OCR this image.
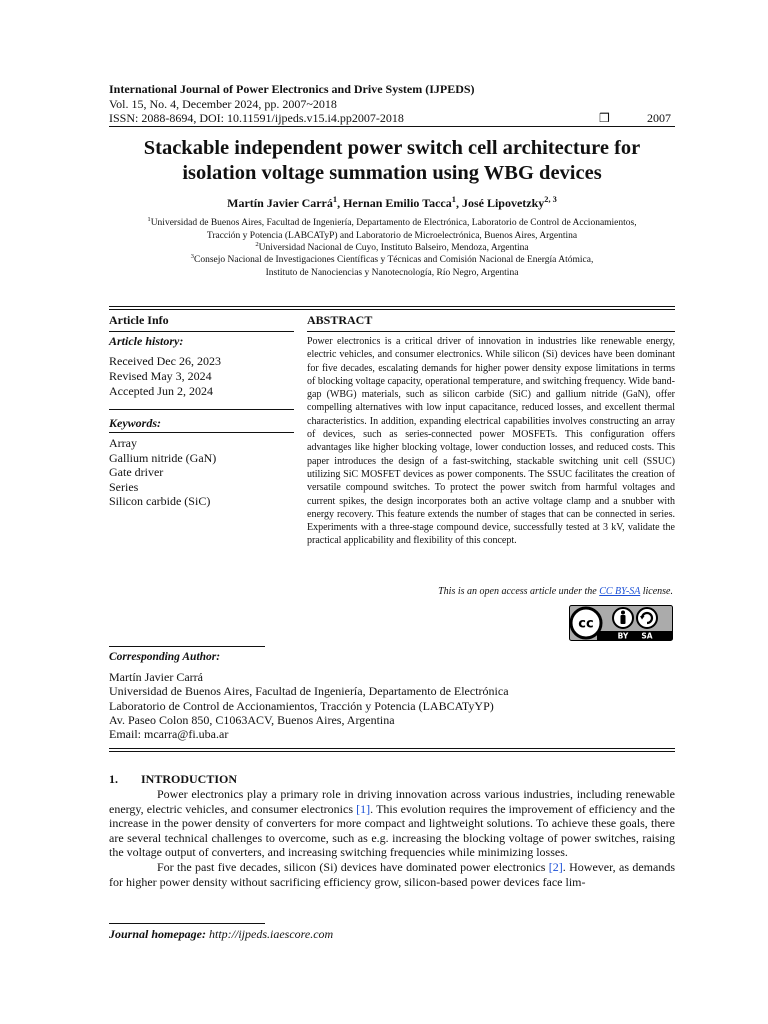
International Journal of Power Electronics and Drive System (IJPEDS)
Vol. 15, No. 4, December 2024, pp. 2007~2018
ISSN: 2088-8694, DOI: 10.11591/ijpeds.v15.i4.pp2007-2018	❒	2007
Stackable independent power switch cell architecture for
isolation voltage summation using WBG devices
Martín Javier Carrá$^1$, Hernan Emilio Tacca$^1$, José Lipovetzky$^{2, 3}$
$^1$Universidad de Buenos Aires, Facultad de Ingeniería, Departamento de Electrónica, Laboratorio de Control de Accionamientos,
Tracción y Potencia (LABCATyP) and Laboratorio de Microelectrónica, Buenos Aires, Argentina
$^2$Universidad Nacional de Cuyo, Instituto Balseiro, Mendoza, Argentina
$^3$Consejo Nacional de Investigaciones Científicas y Técnicas and Comisión Nacional de Energía Atómica,
Instituto de Nanociencias y Nanotecnología, Río Negro, Argentina
Article Info	ABSTRACT
Article history:
Received Dec 26, 2023
Revised May 3, 2024
Accepted Jun 2, 2024
Keywords:
Array
Gallium nitride (GaN)
Gate driver
Series
Silicon carbide (SiC)
Power electronics is a critical driver of innovation in industries like renewable energy, electric vehicles, and consumer electronics. While silicon (Si) devices have been dominant for five decades, escalating demands for higher power density expose limitations in terms of blocking voltage capacity, operational temperature, and switching frequency. Wide band-gap (WBG) materials, such as silicon carbide (SiC) and gallium nitride (GaN), offer compelling alternatives with low input capacitance, reduced losses, and excellent thermal characteristics. In addition, expanding electrical capabilities involves constructing an array of devices, such as series-connected power MOSFETs. This configuration offers advantages like higher blocking voltage, lower conduction losses, and reduced costs. This paper introduces the design of a fast-switching, stackable switching unit cell (SSUC) utilizing SiC MOSFET devices as power components. The SSUC facilitates the creation of versatile compound switches. To protect the power switch from harmful voltages and current spikes, the design incorporates both an active voltage clamp and a snubber with energy recovery. This feature extends the number of stages that can be connected in series. Experiments with a three-stage compound device, successfully tested at 3 kV, validate the practical applicability and flexibility of this concept.
This is an open access article under the CC BY-SA license.
cc
BY SA
Corresponding Author:
Martín Javier Carrá
Universidad de Buenos Aires, Facultad de Ingeniería, Departamento de Electrónica
Laboratorio de Control de Accionamientos, Tracción y Potencia (LABCATyYP)
Av. Paseo Colon 850, C1063ACV, Buenos Aires, Argentina
Email: mcarra@fi.uba.ar
1. INTRODUCTION

Power electronics play a primary role in driving innovation across various industries, including renewable energy, electric vehicles, and consumer electronics [1]. This evolution requires the improvement of efficiency and the increase in the power density of converters for more compact and lightweight solutions. To achieve these goals, there are several technical challenges to overcome, such as e.g. increasing the blocking voltage of power switches, raising the voltage output of converters, and increasing switching frequencies while minimizing losses.

For the past five decades, silicon (Si) devices have dominated power electronics [2]. However, as demands for higher power density without sacrificing efficiency grow, silicon-based power devices face lim-

Journal homepage: http://ijpeds.iaescore.com
